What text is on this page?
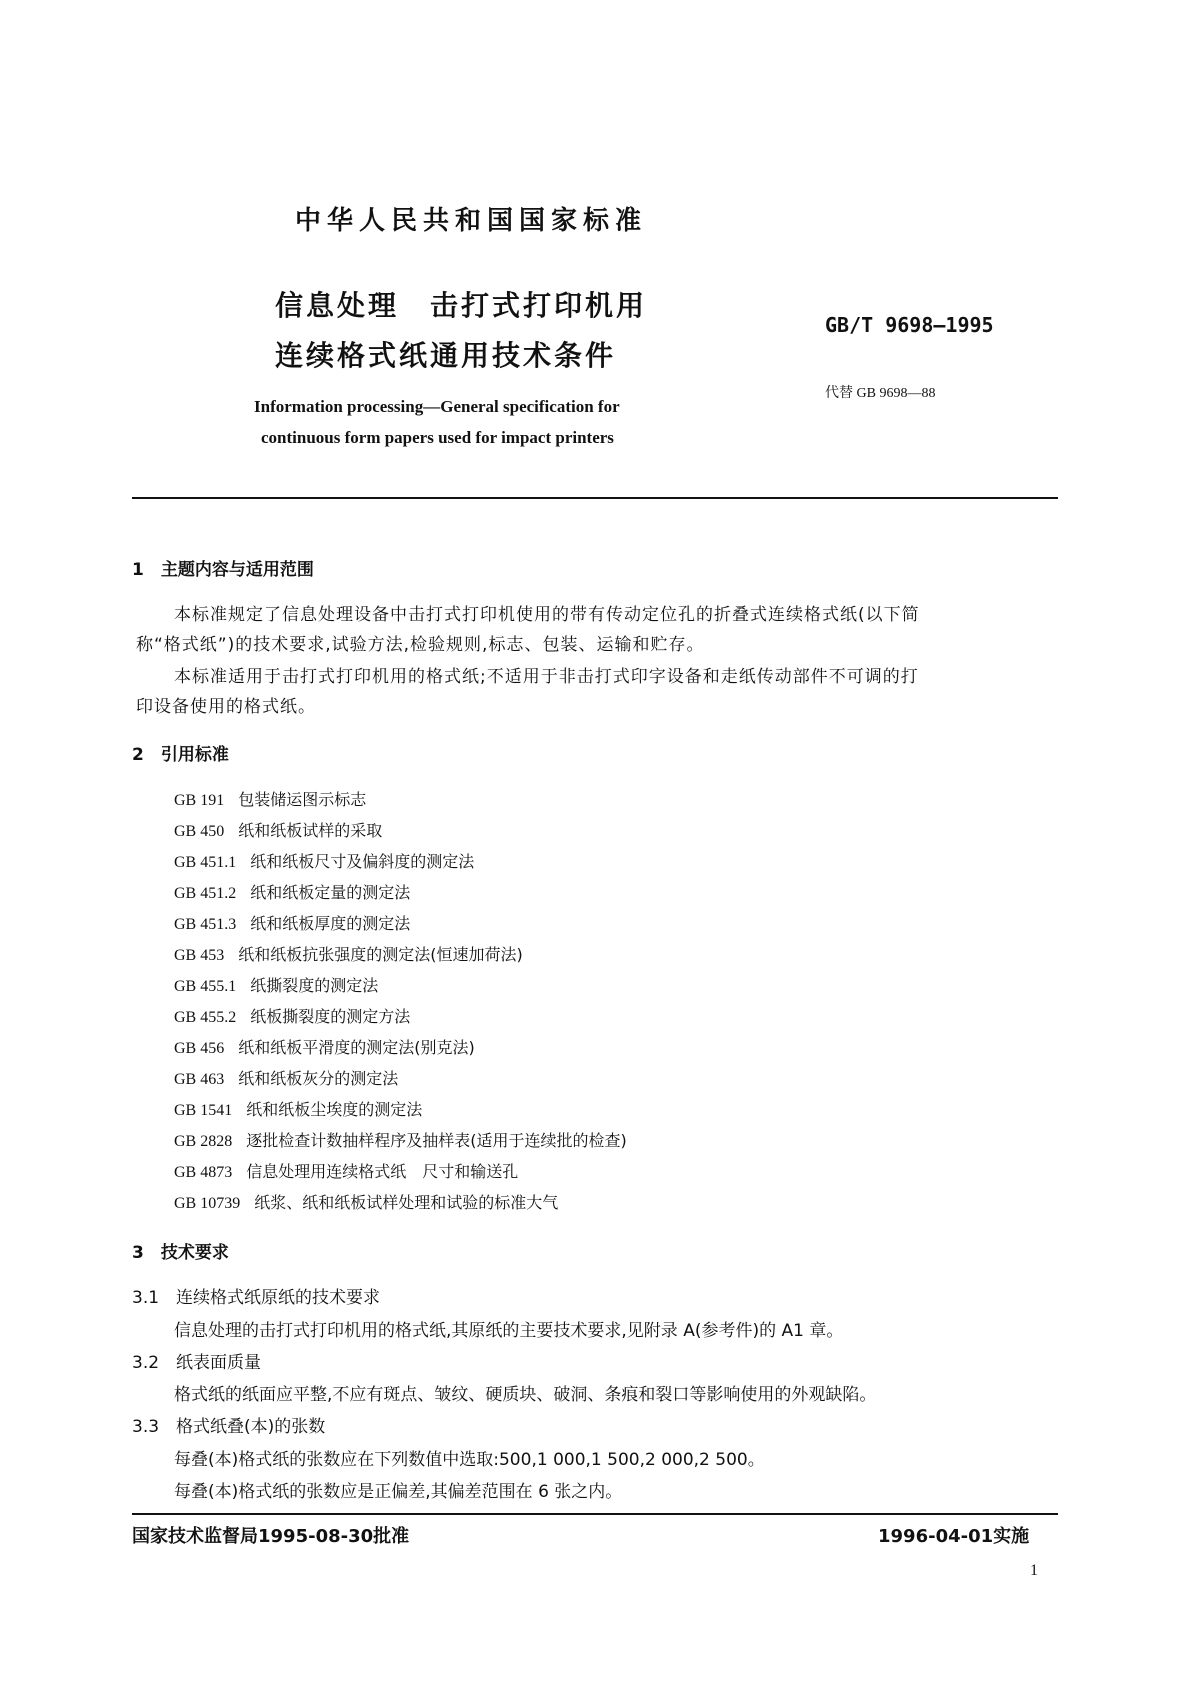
中华人民共和国国家标准
信息处理　击打式打印机用
连续格式纸通用技术条件
GB/T 9698—1995
代替 GB 9698—88
Information processing—General specification for
continuous form papers used for impact printers
1　主题内容与适用范围
本标准规定了信息处理设备中击打式打印机使用的带有传动定位孔的折叠式连续格式纸(以下简
称“格式纸”)的技术要求,试验方法,检验规则,标志、包装、运输和贮存。
本标准适用于击打式打印机用的格式纸;不适用于非击打式印字设备和走纸传动部件不可调的打
印设备使用的格式纸。
2　引用标准
GB 191 包装储运图示标志
GB 450 纸和纸板试样的采取
GB 451.1 纸和纸板尺寸及偏斜度的测定法
GB 451.2 纸和纸板定量的测定法
GB 451.3 纸和纸板厚度的测定法
GB 453 纸和纸板抗张强度的测定法(恒速加荷法)
GB 455.1 纸撕裂度的测定法
GB 455.2 纸板撕裂度的测定方法
GB 456 纸和纸板平滑度的测定法(别克法)
GB 463 纸和纸板灰分的测定法
GB 1541 纸和纸板尘埃度的测定法
GB 2828 逐批检查计数抽样程序及抽样表(适用于连续批的检查)
GB 4873 信息处理用连续格式纸　尺寸和输送孔
GB 10739 纸浆、纸和纸板试样处理和试验的标准大气
3　技术要求
3.1　连续格式纸原纸的技术要求
信息处理的击打式打印机用的格式纸,其原纸的主要技术要求,见附录 A(参考件)的 A1 章。
3.2　纸表面质量
格式纸的纸面应平整,不应有斑点、皱纹、硬质块、破洞、条痕和裂口等影响使用的外观缺陷。
3.3　格式纸叠(本)的张数
每叠(本)格式纸的张数应在下列数值中选取:500,1 000,1 500,2 000,2 500。
每叠(本)格式纸的张数应是正偏差,其偏差范围在 6 张之内。
国家技术监督局1995-08-30批准	1996-04-01实施
1
